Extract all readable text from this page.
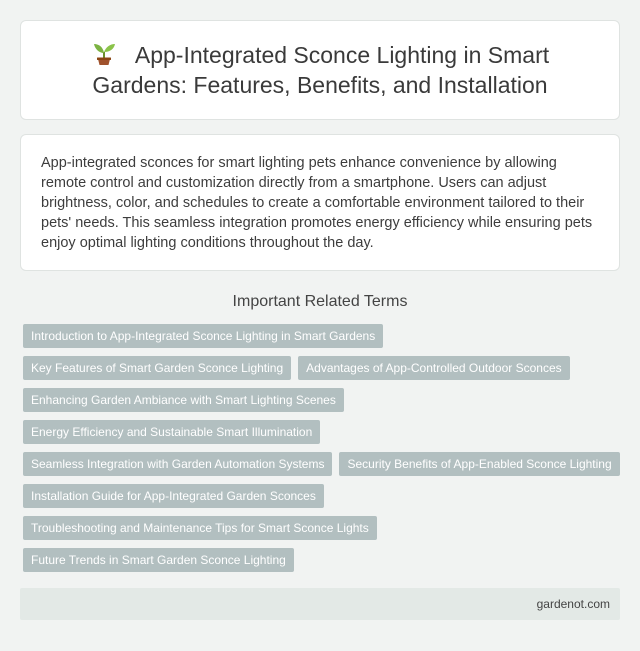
App-Integrated Sconce Lighting in Smart Gardens: Features, Benefits, and Installation

App-integrated sconces for smart lighting pets enhance convenience by allowing remote control and customization directly from a smartphone. Users can adjust brightness, color, and schedules to create a comfortable environment tailored to their pets' needs. This seamless integration promotes energy efficiency while ensuring pets enjoy optimal lighting conditions throughout the day.

Important Related Terms
Introduction to App-Integrated Sconce Lighting in Smart Gardens
Key Features of Smart Garden Sconce Lighting	Advantages of App-Controlled Outdoor Sconces
Enhancing Garden Ambiance with Smart Lighting Scenes
Energy Efficiency and Sustainable Smart Illumination
Seamless Integration with Garden Automation Systems	Security Benefits of App-Enabled Sconce Lighting
Installation Guide for App-Integrated Garden Sconces
Troubleshooting and Maintenance Tips for Smart Sconce Lights
Future Trends in Smart Garden Sconce Lighting
gardenot.com
